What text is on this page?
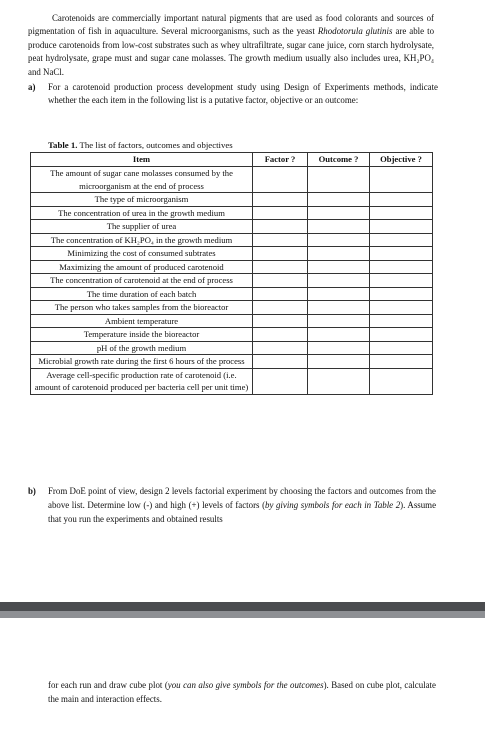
Carotenoids are commercially important natural pigments that are used as food colorants and sources of pigmentation of fish in aquaculture. Several microorganisms, such as the yeast Rhodotorula glutinis are able to produce carotenoids from low-cost substrates such as whey ultrafiltrate, sugar cane juice, corn starch hydrolysate, peat hydrolysate, grape must and sugar cane molasses. The growth medium usually also includes urea, KH₂PO₄ and NaCl.

a) For a carotenoid production process development study using Design of Experiments methods, indicate whether the each item in the following list is a putative factor, objective or an outcome:
Table 1. The list of factors, outcomes and objectives
Item	Factor ?	Outcome ?	Objective ?
The amount of sugar cane molasses consumed by the microorganism at the end of process			
The type of microorganism			
The concentration of urea in the growth medium			
The supplier of urea			
The concentration of KH₂PO₄ in the growth medium			
Minimizing the cost of consumed subtrates			
Maximizing the amount of produced carotenoid			
The concentration of carotenoid at the end of process			
The time duration of each batch			
The person who takes samples from the bioreactor			
Ambient temperature			
Temperature inside the bioreactor			
pH of the growth medium			
Microbial growth rate during the first 6 hours of the process			
Average cell-specific production rate of carotenoid (i.e. amount of carotenoid produced per bacteria cell per unit time)			
b) From DoE point of view, design 2 levels factorial experiment by choosing the factors and outcomes from the above list. Determine low (-) and high (+) levels of factors (by giving symbols for each in Table 2). Assume that you run the experiments and obtained results
for each run and draw cube plot (you can also give symbols for the outcomes). Based on cube plot, calculate the main and interaction effects.
